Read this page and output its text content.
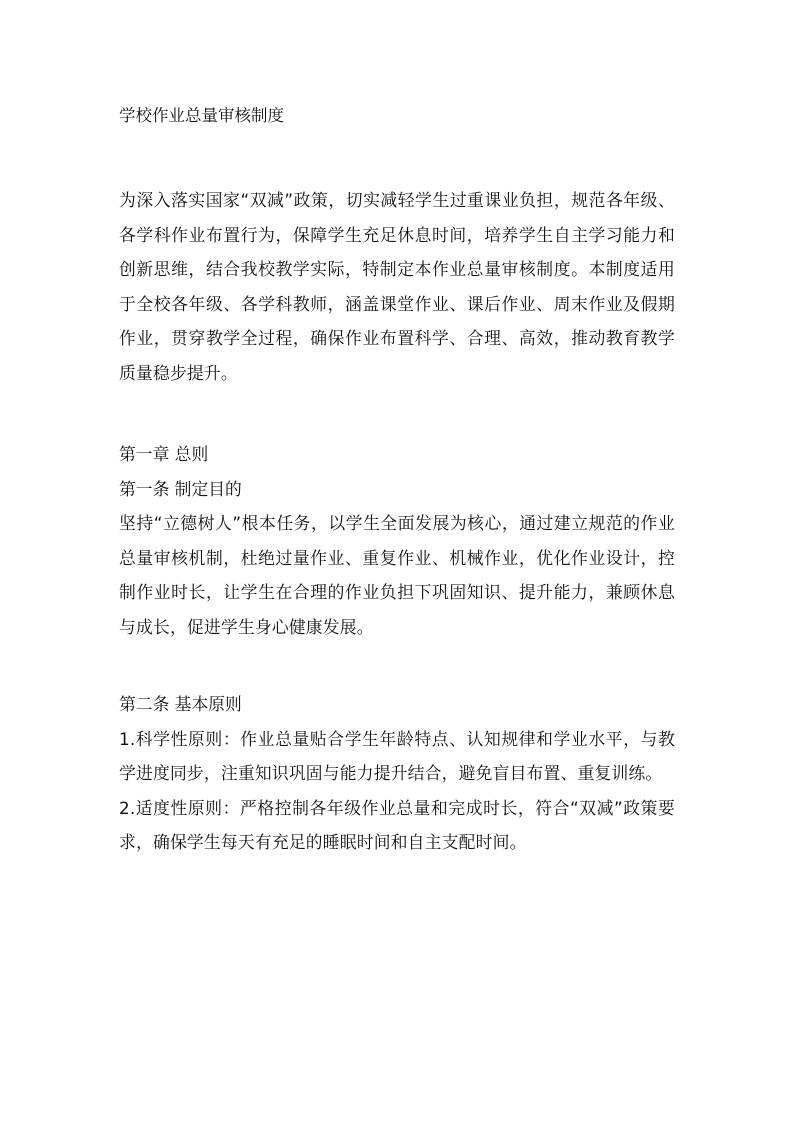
学校作业总量审核制度

为深入落实国家“双减”政策，切实减轻学生过重课业负担，规范各年级、各学科作业布置行为，保障学生充足休息时间，培养学生自主学习能力和创新思维，结合我校教学实际，特制定本作业总量审核制度。本制度适用于全校各年级、各学科教师，涵盖课堂作业、课后作业、周末作业及假期作业，贯穿教学全过程，确保作业布置科学、合理、高效，推动教育教学质量稳步提升。

第一章 总则

第一条 制定目的

坚持“立德树人”根本任务，以学生全面发展为核心，通过建立规范的作业总量审核机制，杜绝过量作业、重复作业、机械作业，优化作业设计，控制作业时长，让学生在合理的作业负担下巩固知识、提升能力，兼顾休息与成长，促进学生身心健康发展。

第二条 基本原则

1.科学性原则：作业总量贴合学生年龄特点、认知规律和学业水平，与教学进度同步，注重知识巩固与能力提升结合，避免盲目布置、重复训练。

2.适度性原则：严格控制各年级作业总量和完成时长，符合“双减”政策要求，确保学生每天有充足的睡眠时间和自主支配时间。
